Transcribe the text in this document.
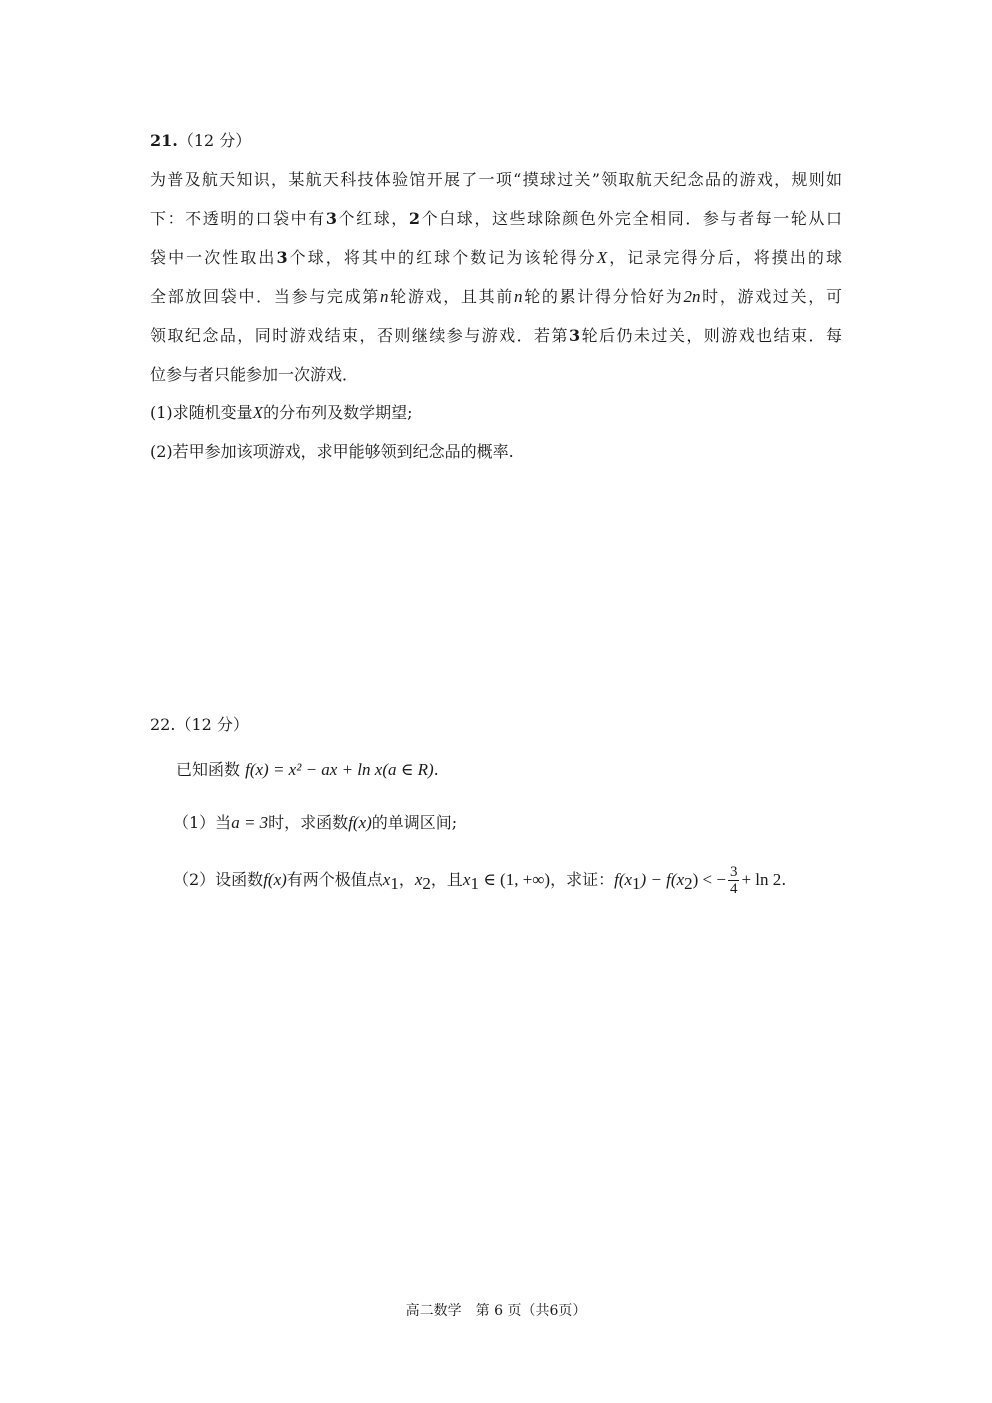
21.（12 分）
为普及航天知识，某航天科技体验馆开展了一项“摸球过关”领取航天纪念品的游戏，规则如
下：不透明的口袋中有3个红球，2个白球，这些球除颜色外完全相同．参与者每一轮从口
袋中一次性取出3个球，将其中的红球个数记为该轮得分X，记录完得分后，将摸出的球
全部放回袋中．当参与完成第n轮游戏，且其前n轮的累计得分恰好为2n时，游戏过关，可
领取纪念品，同时游戏结束，否则继续参与游戏．若第3轮后仍未过关，则游戏也结束．每
位参与者只能参加一次游戏．
(1)求随机变量X的分布列及数学期望;
(2)若甲参加该项游戏，求甲能够领到纪念品的概率.
22.（12 分）
已知函数 f(x) = x² − ax + ln x(a ∈ R).
（1）当a = 3时，求函数f(x)的单调区间;
（2）设函数f(x)有两个极值点$x_1$，$x_2$，且$x_1$ ∈ (1, +∞)，求证：$f(x_1) - f(x_2)$ < − $\frac{3}{4} + \ln 2$.
高二数学　第 6 页（共6页）
